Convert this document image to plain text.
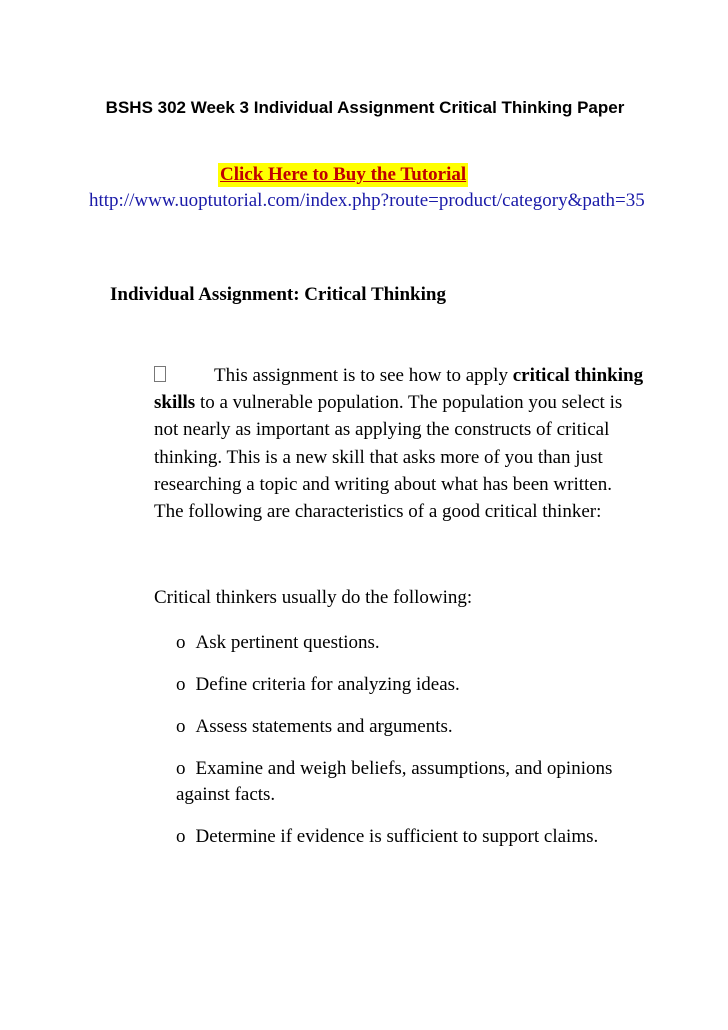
BSHS 302 Week 3 Individual Assignment Critical Thinking Paper
Click Here to Buy the Tutorial
http://www.uoptutorial.com/index.php?route=product/category&path=35
Individual Assignment: Critical Thinking
This assignment is to see how to apply critical thinking skills to a vulnerable population. The population you select is not nearly as important as applying the constructs of critical thinking. This is a new skill that asks more of you than just researching a topic and writing about what has been written. The following are characteristics of a good critical thinker:
Critical thinkers usually do the following:
o Ask pertinent questions.
o Define criteria for analyzing ideas.
o Assess statements and arguments.
o Examine and weigh beliefs, assumptions, and opinions against facts.
o Determine if evidence is sufficient to support claims.
